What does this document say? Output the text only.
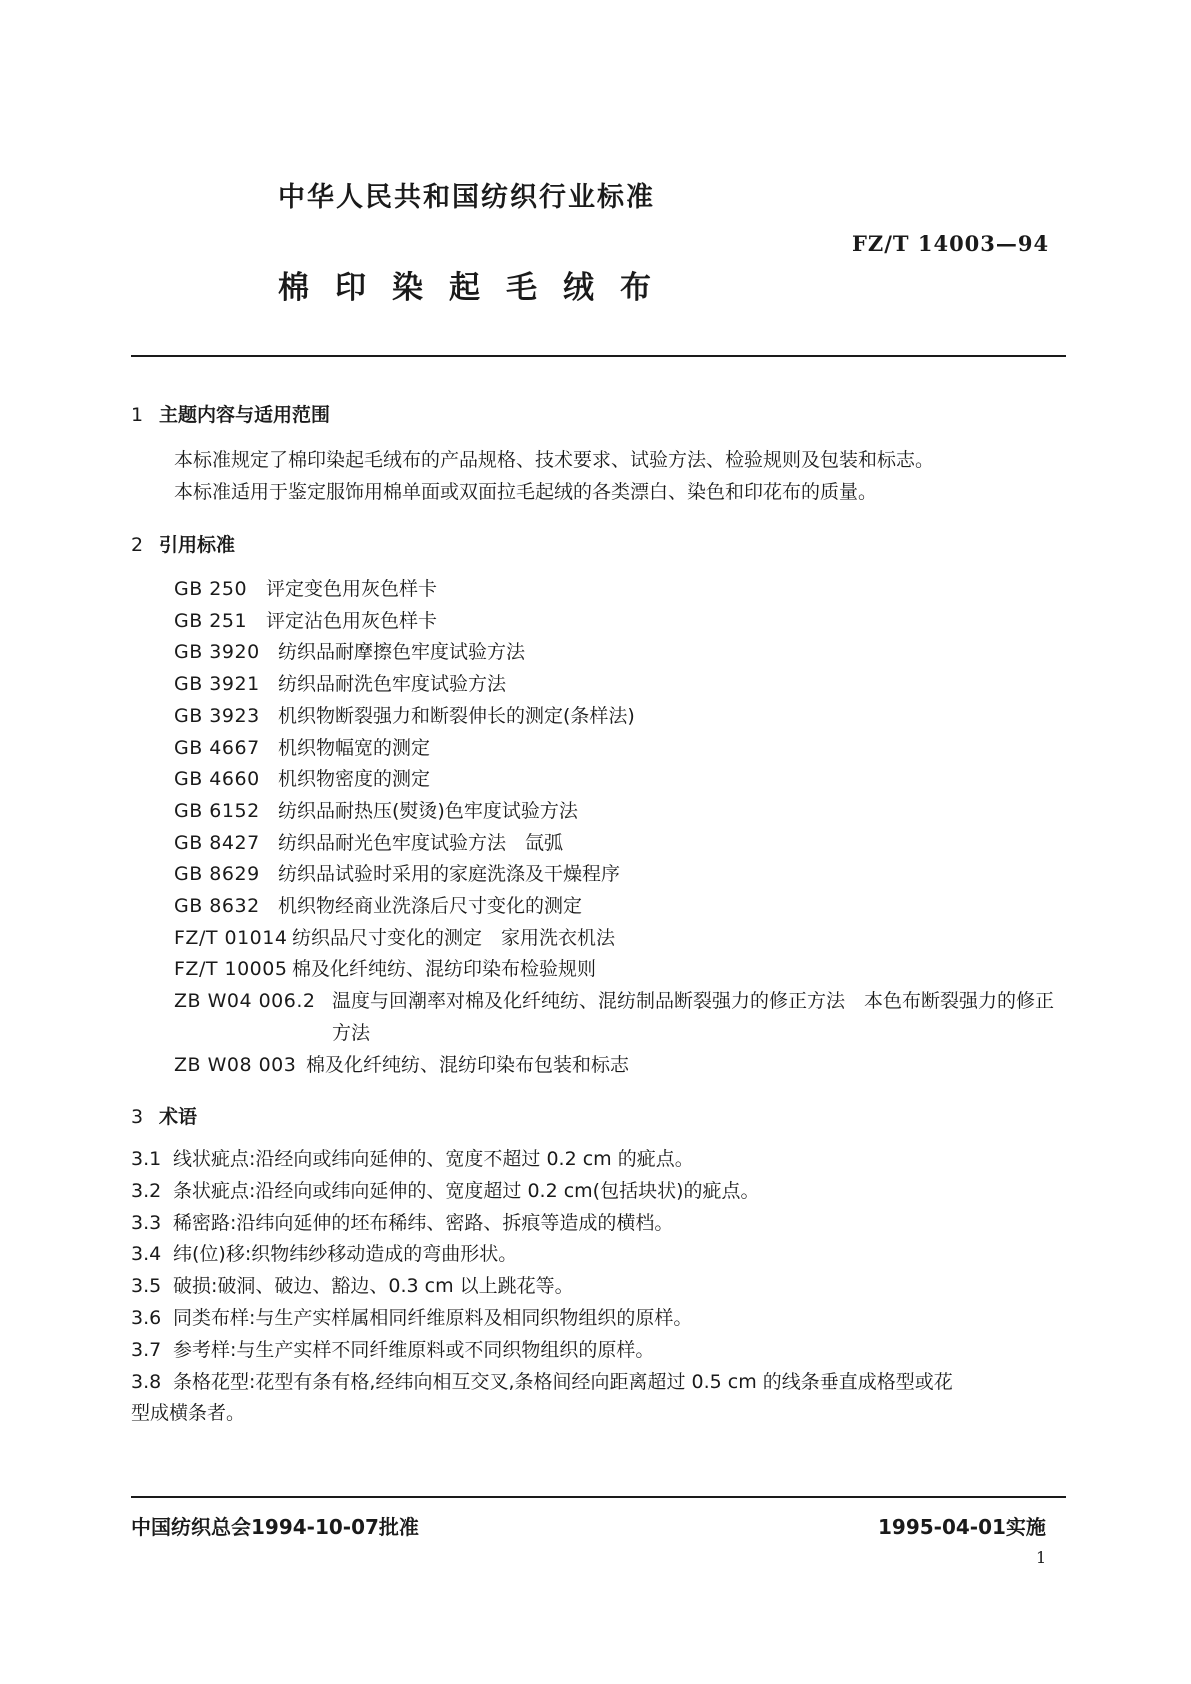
中华人民共和国纺织行业标准
FZ/T 14003—94
棉印染起毛绒布
1 主题内容与适用范围
本标准规定了棉印染起毛绒布的产品规格、技术要求、试验方法、检验规则及包装和标志。
本标准适用于鉴定服饰用棉单面或双面拉毛起绒的各类漂白、染色和印花布的质量。
2 引用标准
GB 250 评定变色用灰色样卡
GB 251 评定沾色用灰色样卡
GB 3920 纺织品耐摩擦色牢度试验方法
GB 3921 纺织品耐洗色牢度试验方法
GB 3923 机织物断裂强力和断裂伸长的测定(条样法)
GB 4667 机织物幅宽的测定
GB 4660 机织物密度的测定
GB 6152 纺织品耐热压(熨烫)色牢度试验方法
GB 8427 纺织品耐光色牢度试验方法　氙弧
GB 8629 纺织品试验时采用的家庭洗涤及干燥程序
GB 8632 机织物经商业洗涤后尺寸变化的测定
FZ/T 01014 纺织品尺寸变化的测定　家用洗衣机法
FZ/T 10005 棉及化纤纯纺、混纺印染布检验规则
ZB W04 006.2 温度与回潮率对棉及化纤纯纺、混纺制品断裂强力的修正方法　本色布断裂强力的修正方法
ZB W08 003 棉及化纤纯纺、混纺印染布包装和标志
3 术语
3.1 线状疵点:沿经向或纬向延伸的、宽度不超过 0.2 cm 的疵点。
3.2 条状疵点:沿经向或纬向延伸的、宽度超过 0.2 cm(包括块状)的疵点。
3.3 稀密路:沿纬向延伸的坯布稀纬、密路、拆痕等造成的横档。
3.4 纬(位)移:织物纬纱移动造成的弯曲形状。
3.5 破损:破洞、破边、豁边、0.3 cm 以上跳花等。
3.6 同类布样:与生产实样属相同纤维原料及相同织物组织的原样。
3.7 参考样:与生产实样不同纤维原料或不同织物组织的原样。
3.8 条格花型:花型有条有格,经纬向相互交叉,条格间经向距离超过 0.5 cm 的线条垂直成格型或花
型成横条者。
中国纺织总会1994-10-07批准	1995-04-01实施
1
